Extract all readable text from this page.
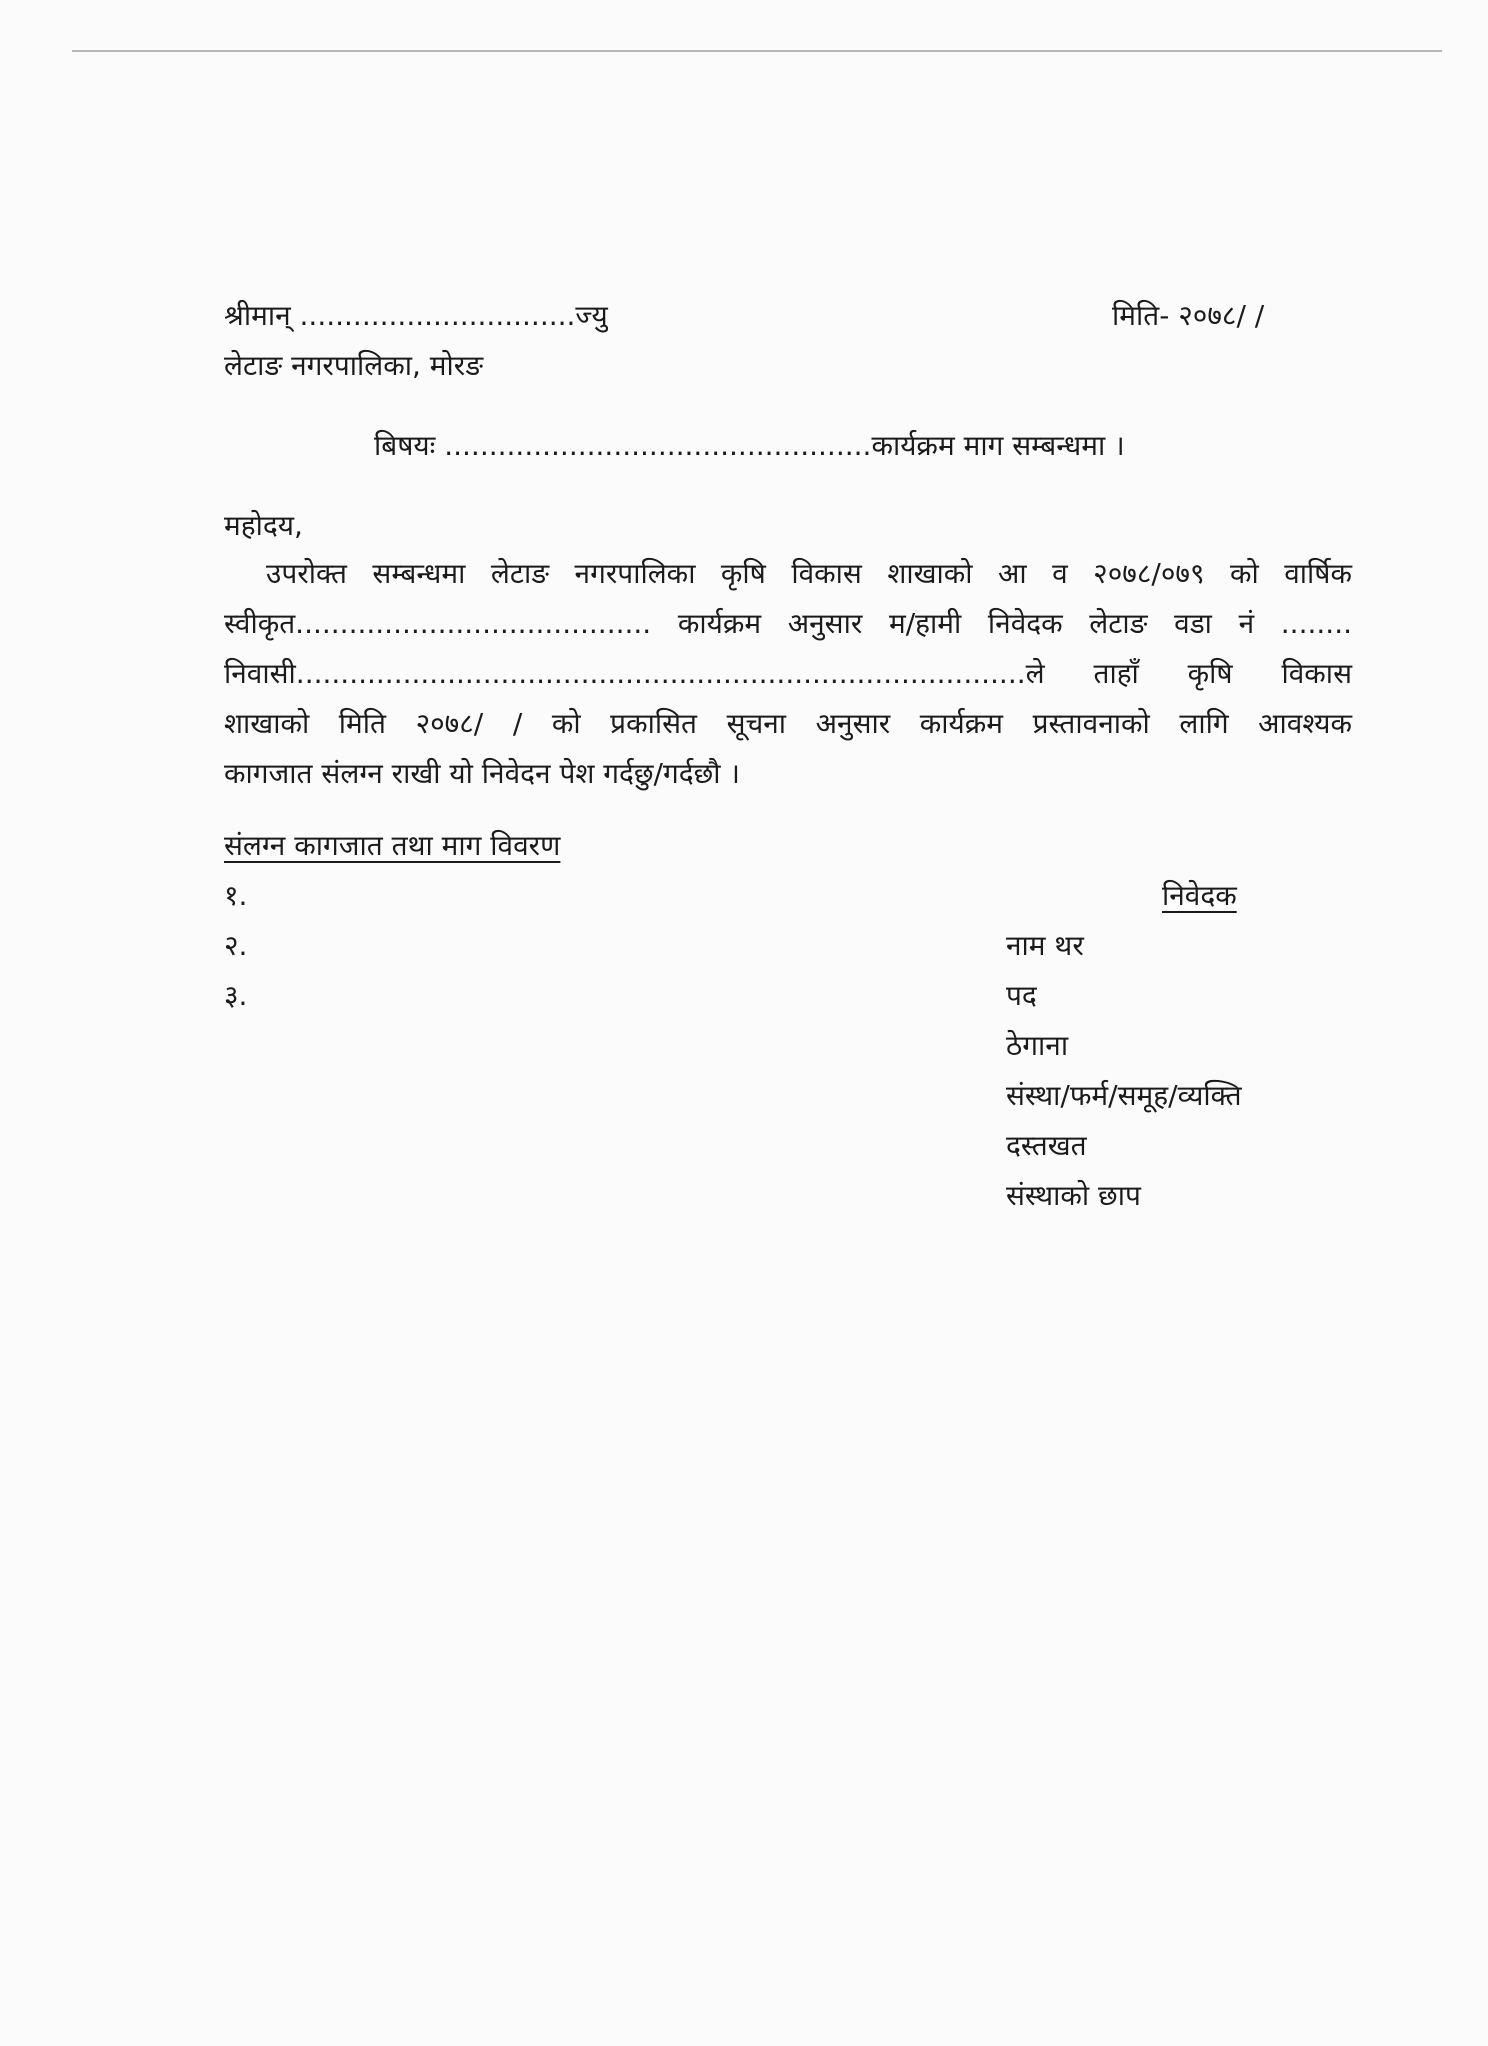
श्रीमान् ...............................ज्यु	मिति- २०७८/ /
लेटाङ नगरपालिका, मोरङ
बिषयः ................................................कार्यक्रम माग सम्बन्धमा ।
महोदय,
उपरोक्त सम्बन्धमा लेटाङ नगरपालिका कृषि विकास शाखाको आ व २०७८/०७९ को वार्षिक
स्वीकृत........................................ कार्यक्रम अनुसार म/हामी निवेदक लेटाङ वडा नं ........
निवासी..................................................................................ले ताहाँ कृषि विकास
शाखाको मिति २०७८/ / को प्रकासित सूचना अनुसार कार्यक्रम प्रस्तावनाको लागि आवश्यक
कागजात संलग्न राखी यो निवेदन पेश गर्दछु/गर्दछौ ।
संलग्न कागजात तथा माग विवरण
१.
२.
३.
निवेदक
नाम थर
पद
ठेगाना
संस्था/फर्म/समूह/व्यक्ति
दस्तखत
संस्थाको छाप
